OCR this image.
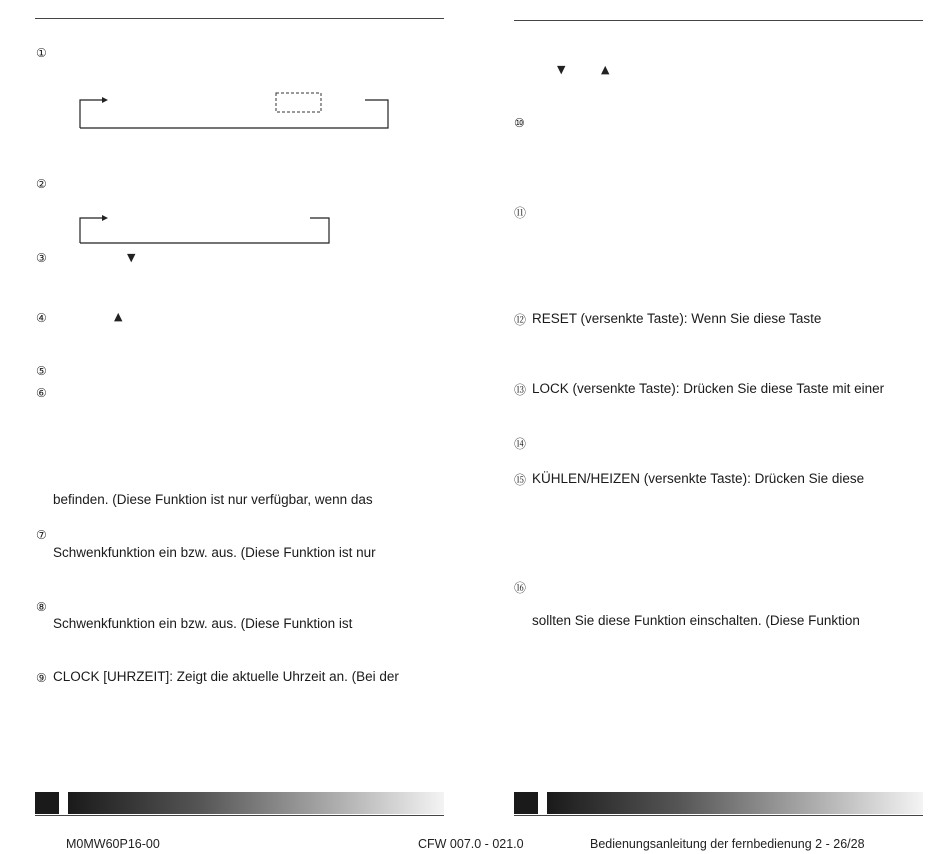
①
②
③	▼
④	▲
⑤
⑥
befinden. (Diese Funktion ist nur verfügbar, wenn das
⑦
Schwenkfunktion ein bzw. aus. (Diese Funktion ist nur
⑧
Schwenkfunktion ein bzw. aus. (Diese Funktion ist
⑨ CLOCK [UHRZEIT]: Zeigt die aktuelle Uhrzeit an. (Bei der
▼	▲
⑩
⑪
⑫ RESET (versenkte Taste): Wenn Sie diese Taste
⑬ LOCK (versenkte Taste): Drücken Sie diese Taste mit einer
⑭
⑮ KÜHLEN/HEIZEN (versenkte Taste): Drücken Sie diese
⑯
sollten Sie diese Funktion einschalten. (Diese Funktion
M0MW60P16-00	CFW 007.0 - 021.0	Bedienungsanleitung der fernbedienung 2 - 26/28
